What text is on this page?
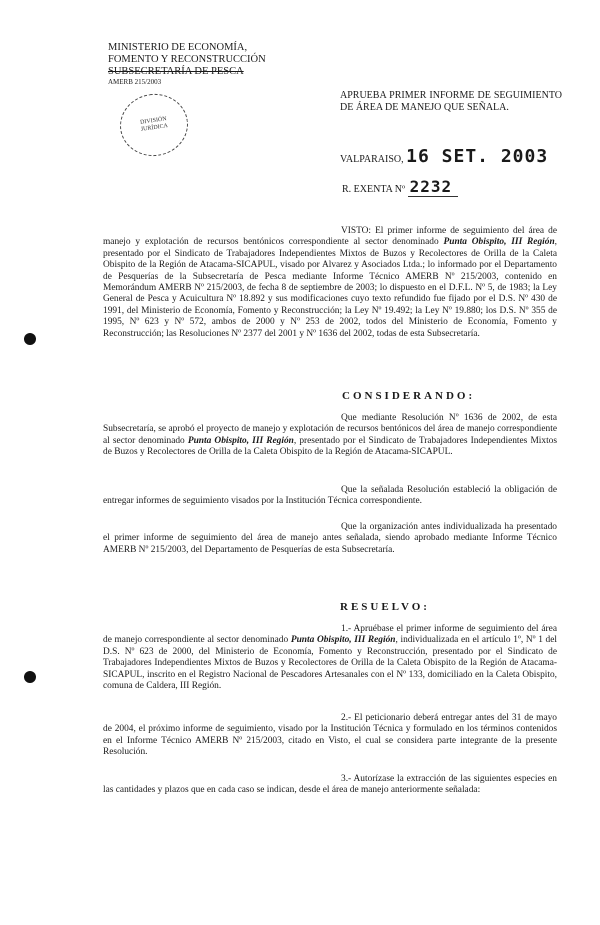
MINISTERIO DE ECONOMÍA,
FOMENTO Y RECONSTRUCCIÓN
SUBSECRETARÍA DE PESCA
AMERB 215/2003
DIVISIÓN
JURÍDICA

APRUEBA PRIMER INFORME DE SEGUIMIENTO DE ÁREA DE MANEJO QUE SEÑALA.

VALPARAISO, 16 SET. 2003
R. EXENTA Nº 2232

VISTO: El primer informe de seguimiento del área de manejo y explotación de recursos bentónicos correspondiente al sector denominado Punta Obispito, III Región, presentado por el Sindicato de Trabajadores Independientes Mixtos de Buzos y Recolectores de Orilla de la Caleta Obispito de la Región de Atacama-SICAPUL, visado por Alvarez y Asociados Ltda.; lo informado por el Departamento de Pesquerías de la Subsecretaría de Pesca mediante Informe Técnico AMERB Nº 215/2003, contenido en Memorándum AMERB Nº 215/2003, de fecha 8 de septiembre de 2003; lo dispuesto en el D.F.L. Nº 5, de 1983; la Ley General de Pesca y Acuicultura Nº 18.892 y sus modificaciones cuyo texto refundido fue fijado por el D.S. Nº 430 de 1991, del Ministerio de Economía, Fomento y Reconstrucción; la Ley Nº 19.492; la Ley Nº 19.880; los D.S. Nº 355 de 1995, Nº 623 y Nº 572, ambos de 2000 y Nº 253 de 2002, todos del Ministerio de Economía, Fomento y Reconstrucción; las Resoluciones Nº 2377 del 2001 y Nº 1636 del 2002, todas de esta Subsecretaría.

CONSIDERANDO:

Que mediante Resolución Nº 1636 de 2002, de esta Subsecretaría, se aprobó el proyecto de manejo y explotación de recursos bentónicos del área de manejo correspondiente al sector denominado Punta Obispito, III Región, presentado por el Sindicato de Trabajadores Independientes Mixtos de Buzos y Recolectores de Orilla de la Caleta Obispito de la Región de Atacama-SICAPUL.

Que la señalada Resolución estableció la obligación de entregar informes de seguimiento visados por la Institución Técnica correspondiente.

Que la organización antes individualizada ha presentado el primer informe de seguimiento del área de manejo antes señalada, siendo aprobado mediante Informe Técnico AMERB Nº 215/2003, del Departamento de Pesquerías de esta Subsecretaría.

RESUELVO:

1.- Apruébase el primer informe de seguimiento del área de manejo correspondiente al sector denominado Punta Obispito, III Región, individualizada en el artículo 1º, Nº 1 del D.S. Nº 623 de 2000, del Ministerio de Economía, Fomento y Reconstrucción, presentado por el Sindicato de Trabajadores Independientes Mixtos de Buzos y Recolectores de Orilla de la Caleta Obispito de la Región de Atacama-SICAPUL, inscrito en el Registro Nacional de Pescadores Artesanales con el Nº 133, domiciliado en la Caleta Obispito, comuna de Caldera, III Región.

2.- El peticionario deberá entregar antes del 31 de mayo de 2004, el próximo informe de seguimiento, visado por la Institución Técnica y formulado en los términos contenidos en el Informe Técnico AMERB Nº 215/2003, citado en Visto, el cual se considera parte integrante de la presente Resolución.

3.- Autorízase la extracción de las siguientes especies en las cantidades y plazos que en cada caso se indican, desde el área de manejo anteriormente señalada:
